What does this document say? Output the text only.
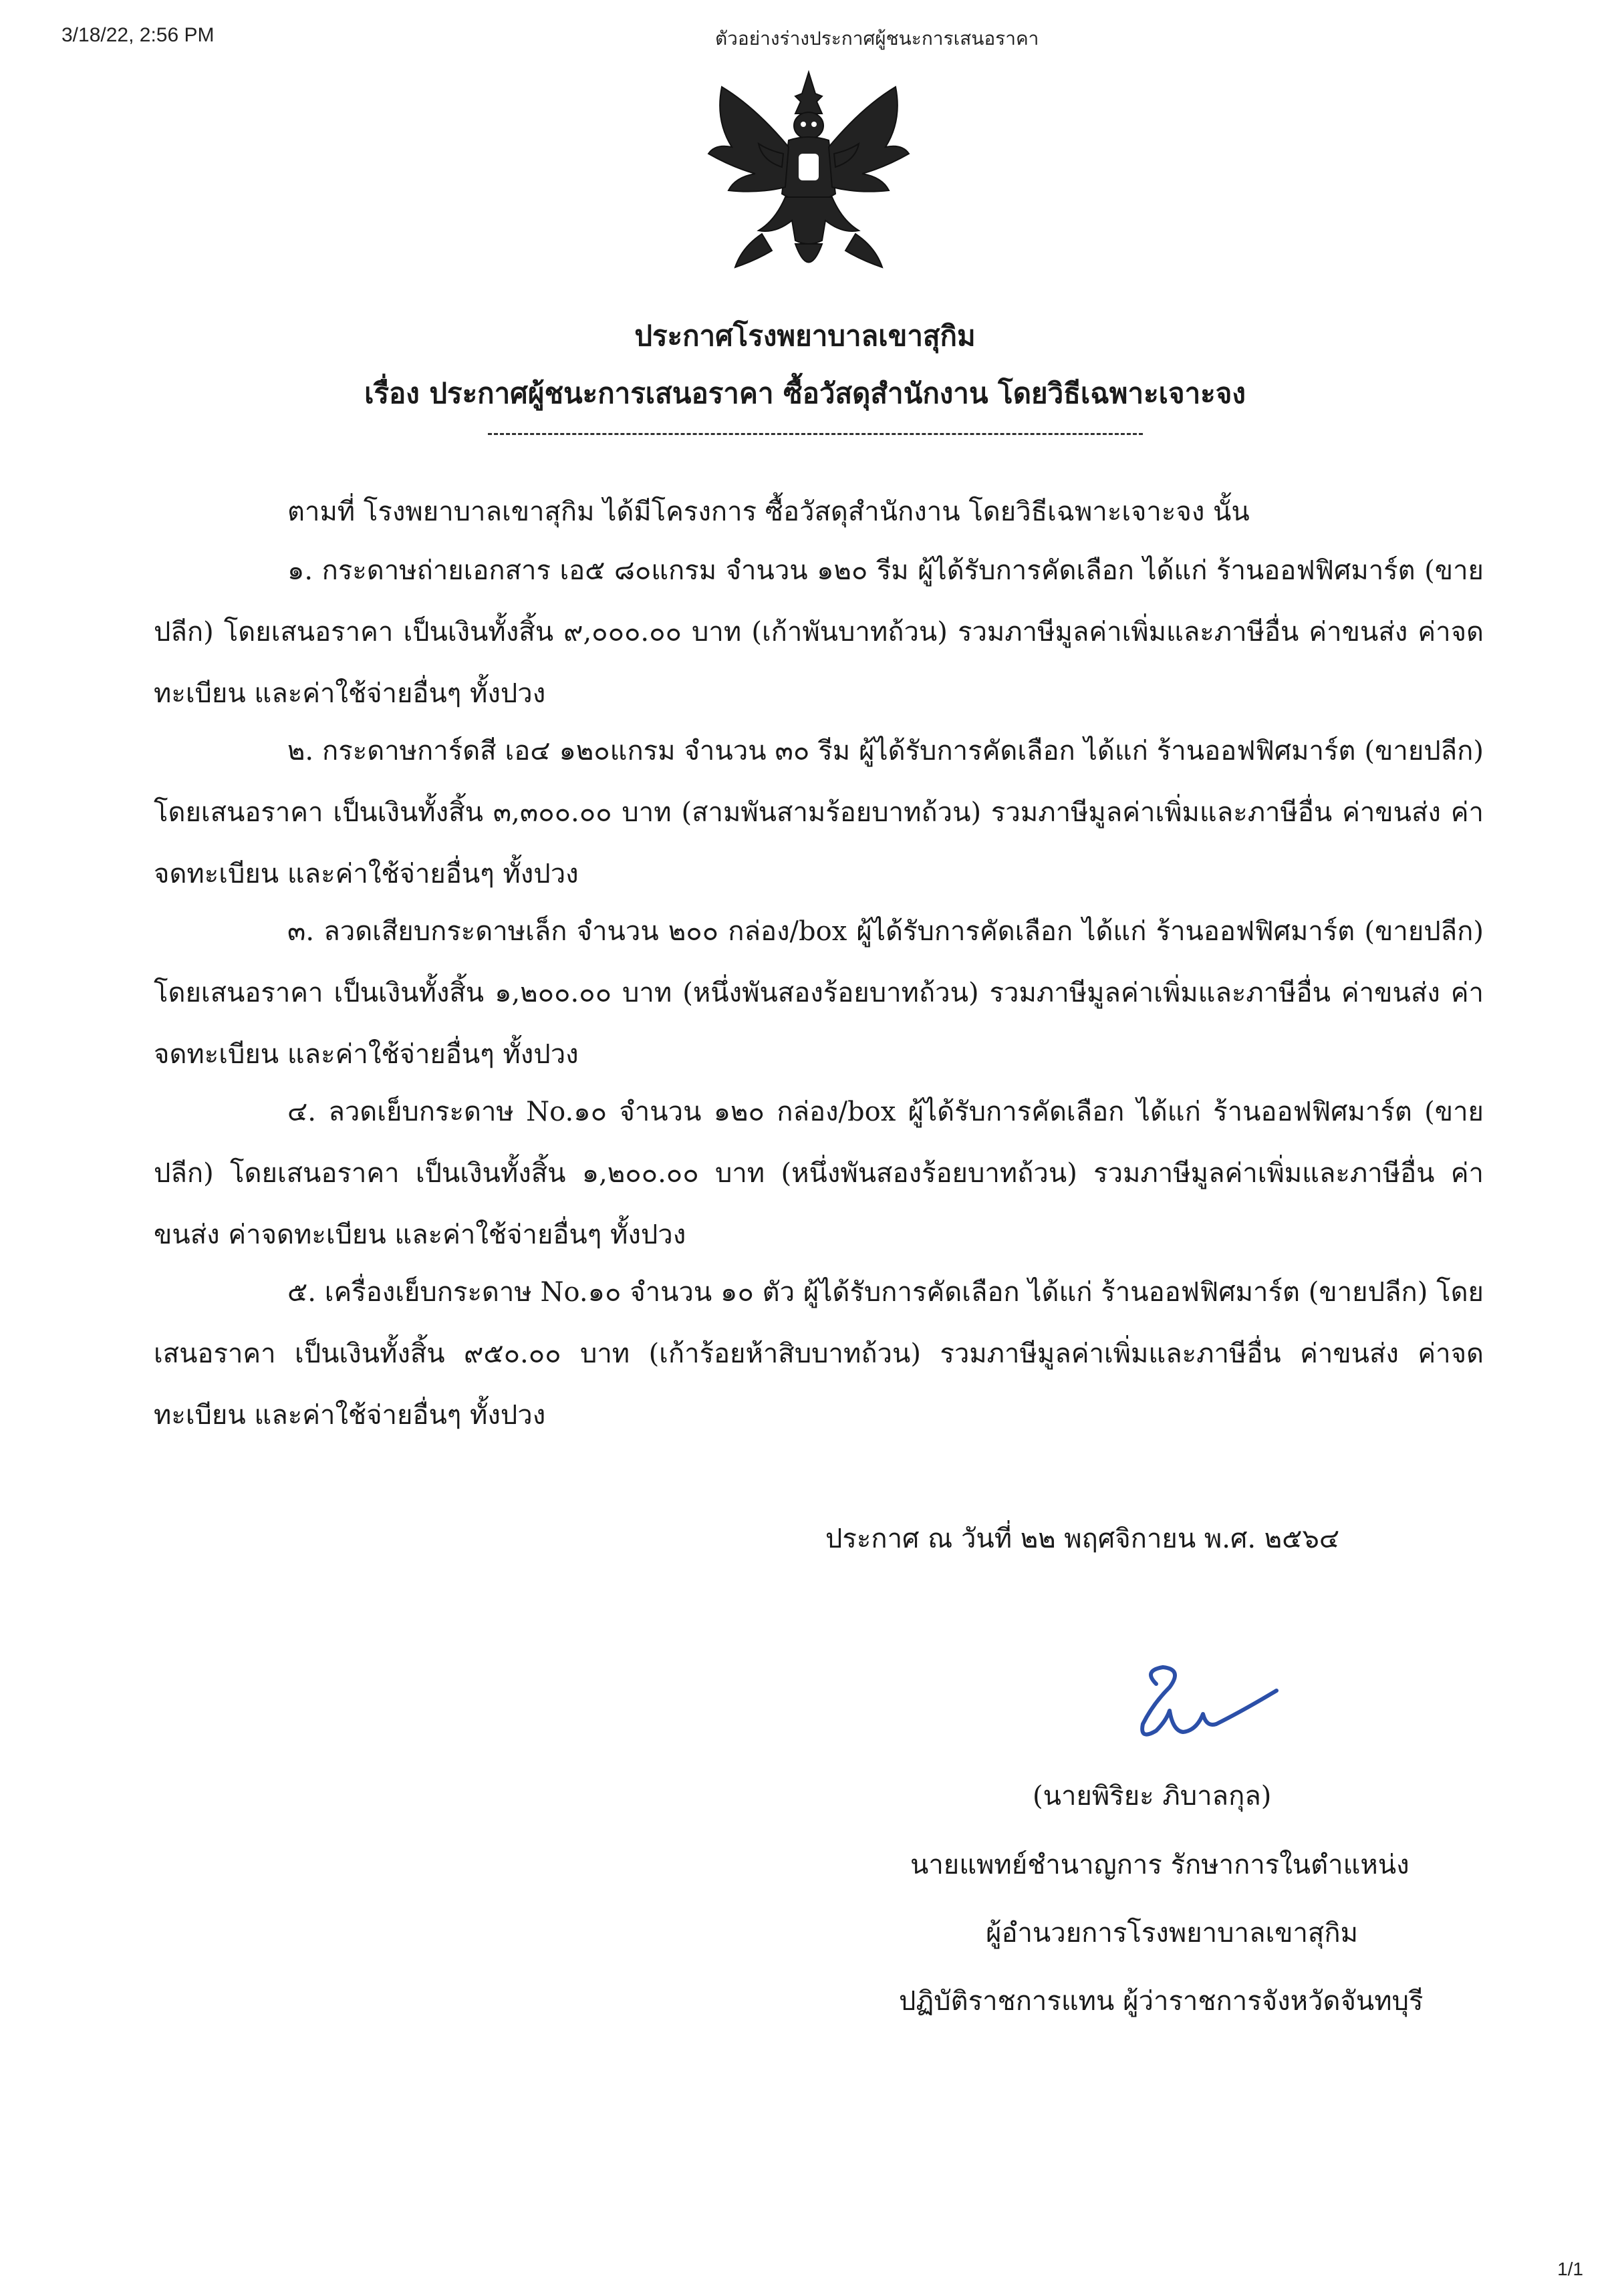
3/18/22, 2:56 PM	ตัวอย่างร่างประกาศผู้ชนะการเสนอราคา
ประกาศโรงพยาบาลเขาสุกิม
เรื่อง ประกาศผู้ชนะการเสนอราคา ซื้อวัสดุสำนักงาน โดยวิธีเฉพาะเจาะจง
ตามที่ โรงพยาบาลเขาสุกิม ได้มีโครงการ ซื้อวัสดุสำนักงาน โดยวิธีเฉพาะเจาะจง นั้น
๑. กระดาษถ่ายเอกสาร เอ๕ ๘๐แกรม จำนวน ๑๒๐ รีม ผู้ได้รับการคัดเลือก ได้แก่ ร้านออฟฟิศมาร์ต (ขายปลีก) โดยเสนอราคา เป็นเงินทั้งสิ้น ๙,๐๐๐.๐๐ บาท (เก้าพันบาทถ้วน) รวมภาษีมูลค่าเพิ่มและภาษีอื่น ค่าขนส่ง ค่าจดทะเบียน และค่าใช้จ่ายอื่นๆ ทั้งปวง
๒. กระดาษการ์ดสี เอ๔ ๑๒๐แกรม จำนวน ๓๐ รีม ผู้ได้รับการคัดเลือก ได้แก่ ร้านออฟฟิศมาร์ต (ขายปลีก) โดยเสนอราคา เป็นเงินทั้งสิ้น ๓,๓๐๐.๐๐ บาท (สามพันสามร้อยบาทถ้วน) รวมภาษีมูลค่าเพิ่มและภาษีอื่น ค่าขนส่ง ค่าจดทะเบียน และค่าใช้จ่ายอื่นๆ ทั้งปวง
๓. ลวดเสียบกระดาษเล็ก จำนวน ๒๐๐ กล่อง/box ผู้ได้รับการคัดเลือก ได้แก่ ร้านออฟฟิศมาร์ต (ขายปลีก) โดยเสนอราคา เป็นเงินทั้งสิ้น ๑,๒๐๐.๐๐ บาท (หนึ่งพันสองร้อยบาทถ้วน) รวมภาษีมูลค่าเพิ่มและภาษีอื่น ค่าขนส่ง ค่าจดทะเบียน และค่าใช้จ่ายอื่นๆ ทั้งปวง
๔. ลวดเย็บกระดาษ No.๑๐ จำนวน ๑๒๐ กล่อง/box ผู้ได้รับการคัดเลือก ได้แก่ ร้านออฟฟิศมาร์ต (ขายปลีก) โดยเสนอราคา เป็นเงินทั้งสิ้น ๑,๒๐๐.๐๐ บาท (หนึ่งพันสองร้อยบาทถ้วน) รวมภาษีมูลค่าเพิ่มและภาษีอื่น ค่าขนส่ง ค่าจดทะเบียน และค่าใช้จ่ายอื่นๆ ทั้งปวง
๕. เครื่องเย็บกระดาษ No.๑๐ จำนวน ๑๐ ตัว ผู้ได้รับการคัดเลือก ได้แก่ ร้านออฟฟิศมาร์ต (ขายปลีก) โดยเสนอราคา เป็นเงินทั้งสิ้น ๙๕๐.๐๐ บาท (เก้าร้อยห้าสิบบาทถ้วน) รวมภาษีมูลค่าเพิ่มและภาษีอื่น ค่าขนส่ง ค่าจดทะเบียน และค่าใช้จ่ายอื่นๆ ทั้งปวง
ประกาศ ณ วันที่ ๒๒ พฤศจิกายน พ.ศ. ๒๕๖๔
(นายพิริยะ ภิบาลกุล)
นายแพทย์ชำนาญการ รักษาการในตำแหน่ง
ผู้อำนวยการโรงพยาบาลเขาสุกิม
ปฏิบัติราชการแทน ผู้ว่าราชการจังหวัดจันทบุรี
1/1
